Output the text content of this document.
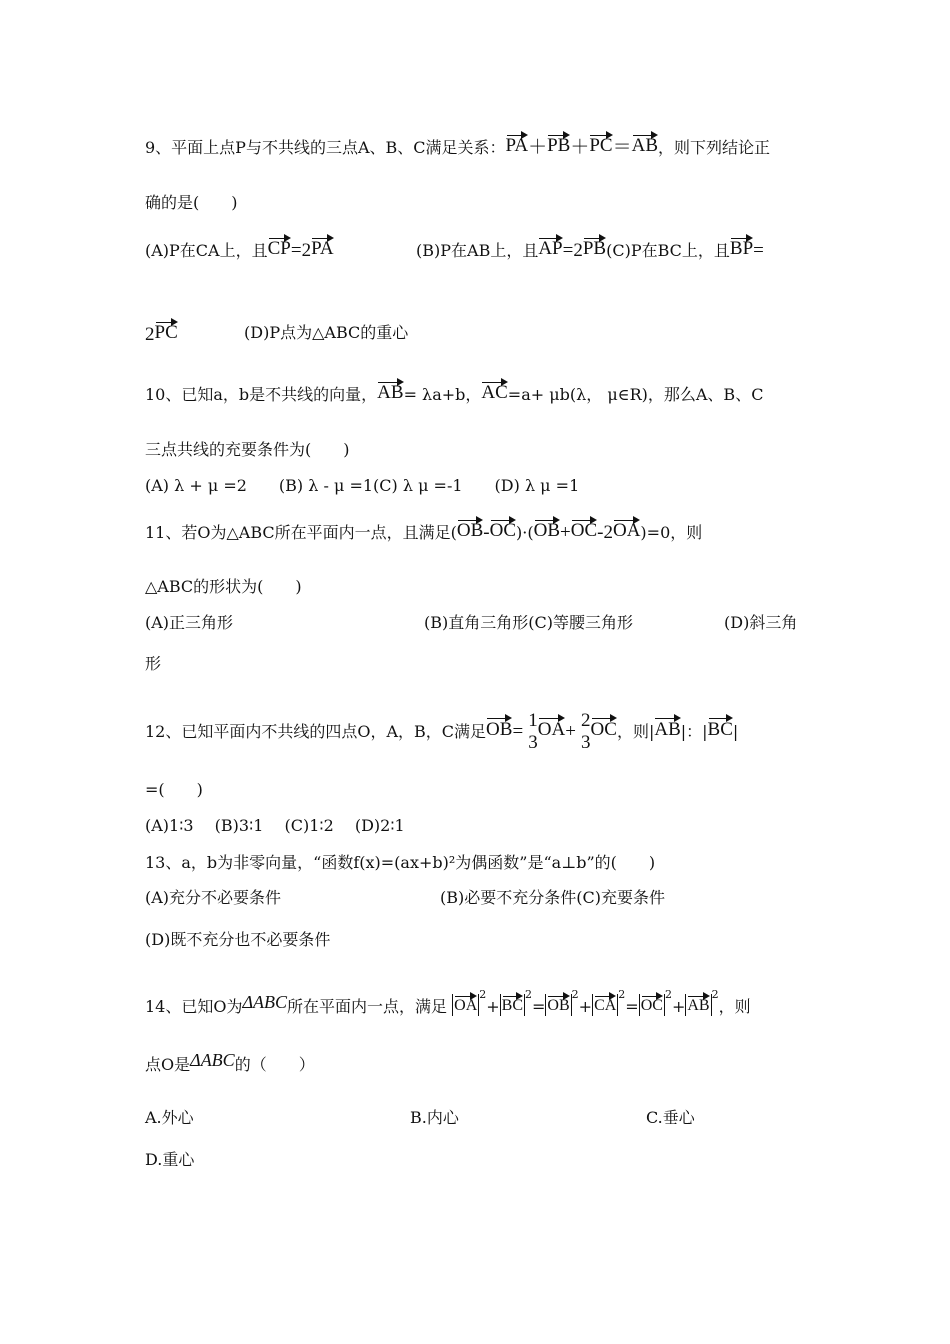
9、平面上点P与不共线的三点A、B、C满足关系：PA＋PB＋PC＝AB，则下列结论正
确的是(　　)
(A)P在CA上，且CP=2PA	(B)P在AB上，且AP=2PB(C)P在BC上，且BP=
2PC	(D)P点为△ABC的重心
10、已知a，b是不共线的向量，AB= λa+b，AC=a+ μb(λ， μ∈R)，那么A、B、C
三点共线的充要条件为(　　)
(A) λ + μ =2　　(B) λ - μ =1(C) λ μ =-1　　(D) λ μ =1
11、若O为△ABC所在平面内一点，且满足(OB-OC)·(OB+OC-2OA)=0，则
△ABC的形状为(　　)
(A)正三角形	(B)直角三角形(C)等腰三角形	(D)斜三角
形
12、已知平面内不共线的四点O，A，B，C满足OB=
1
3
OA+
2
3
OC，则|AB|：|BC|
=(　　)
(A)1∶3　 (B)3∶1　 (C)1∶2　 (D)2∶1
13、a，b为非零向量，“函数f(x)=(ax+b)²为偶函数”是“a⊥b”的(　　)
(A)充分不必要条件	(B)必要不充分条件(C)充要条件
(D)既不充分也不必要条件
14、已知O为ΔABC所在平面内一点，满足 $OA^2+ BC^2= OB^2+ CA^2= OC^2+ AB^2$，则
点O是ΔABC的（　　）
A.外心	B.内心	C.垂心
D.重心
